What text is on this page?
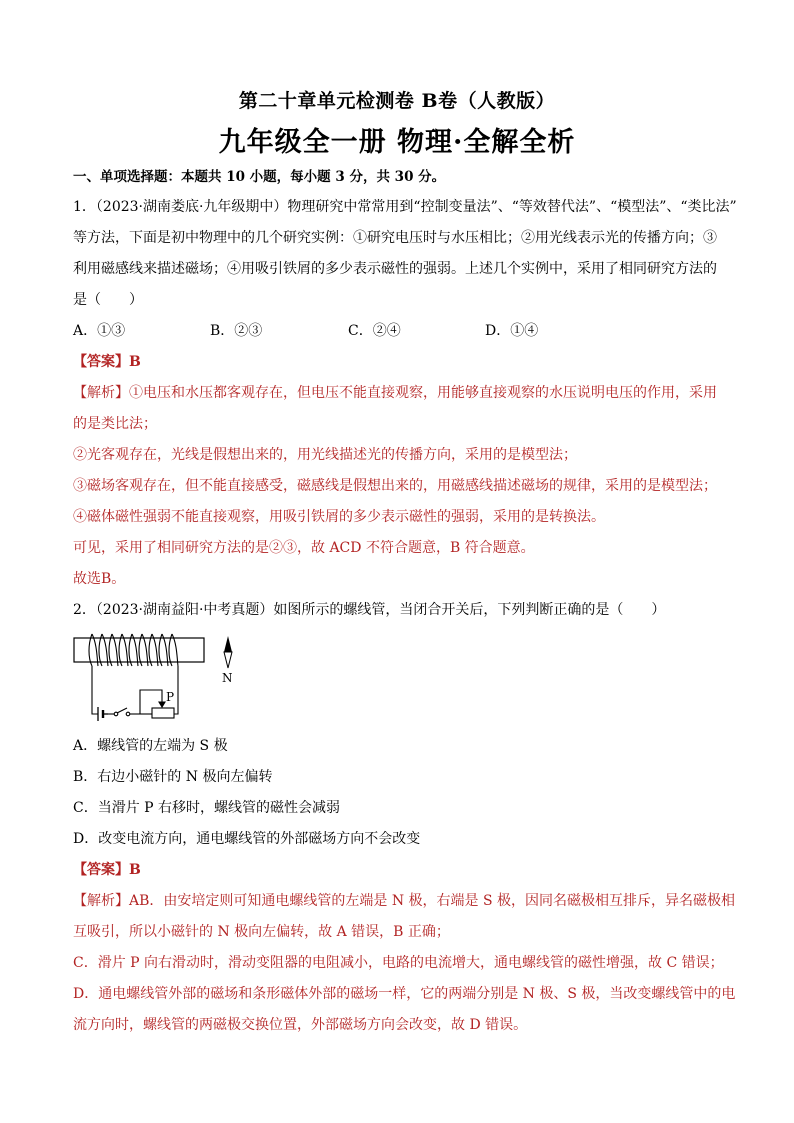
第二十章单元检测卷 B卷（人教版）
九年级全一册 物理·全解全析
一、单项选择题：本题共 10 小题，每小题 3 分，共 30 分。
1．（2023·湖南娄底·九年级期中）物理研究中常常用到“控制变量法”、“等效替代法”、“模型法”、“类比法”
等方法，下面是初中物理中的几个研究实例：①研究电压时与水压相比；②用光线表示光的传播方向；③
利用磁感线来描述磁场；④用吸引铁屑的多少表示磁性的强弱。上述几个实例中，采用了相同研究方法的
是（　　）
A．①③	B．②③	C．②④	D．①④
【答案】B
【解析】①电压和水压都客观存在，但电压不能直接观察，用能够直接观察的水压说明电压的作用，采用
的是类比法；
②光客观存在，光线是假想出来的，用光线描述光的传播方向，采用的是模型法；
③磁场客观存在，但不能直接感受，磁感线是假想出来的，用磁感线描述磁场的规律，采用的是模型法；
④磁体磁性强弱不能直接观察，用吸引铁屑的多少表示磁性的强弱，采用的是转换法。
可见，采用了相同研究方法的是②③，故 ACD 不符合题意，B 符合题意。
故选B。
2．（2023·湖南益阳·中考真题）如图所示的螺线管，当闭合开关后，下列判断正确的是（　　）
P
N
A．螺线管的左端为 S 极
B．右边小磁针的 N 极向左偏转
C．当滑片 P 右移时，螺线管的磁性会减弱
D．改变电流方向，通电螺线管的外部磁场方向不会改变
【答案】B
【解析】AB．由安培定则可知通电螺线管的左端是 N 极，右端是 S 极，因同名磁极相互排斥，异名磁极相
互吸引，所以小磁针的 N 极向左偏转，故 A 错误，B 正确；
C．滑片 P 向右滑动时，滑动变阻器的电阻减小，电路的电流增大，通电螺线管的磁性增强，故 C 错误；
D．通电螺线管外部的磁场和条形磁体外部的磁场一样，它的两端分别是 N 极、S 极，当改变螺线管中的电
流方向时，螺线管的两磁极交换位置，外部磁场方向会改变，故 D 错误。
